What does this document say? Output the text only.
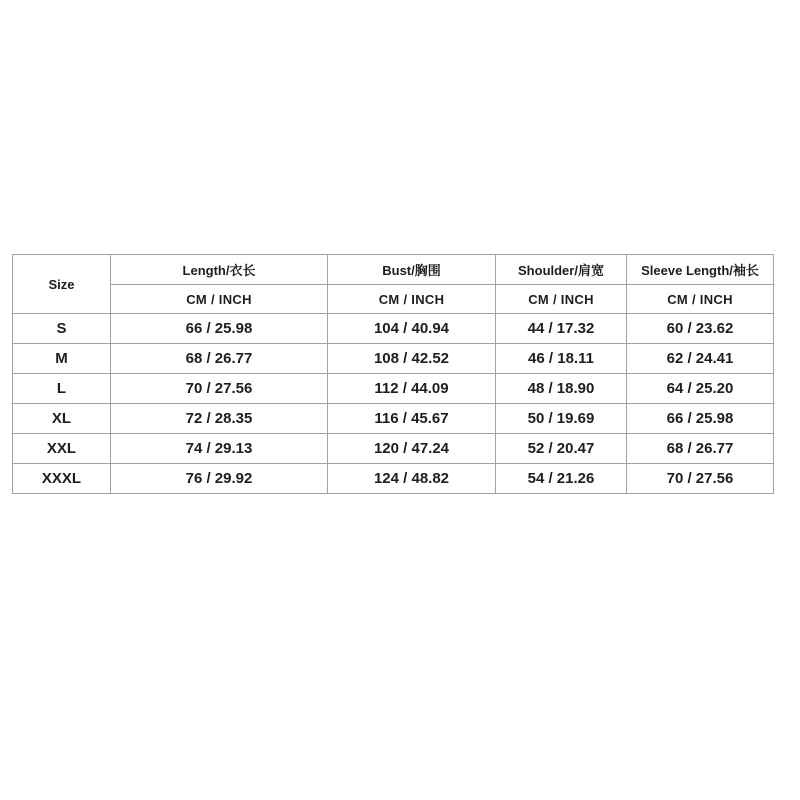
Size	Length/衣长	Bust/胸围	Shoulder/肩宽	Sleeve Length/袖长
	CM / INCH	CM / INCH	CM / INCH	CM / INCH
S	66 / 25.98	104 / 40.94	44 / 17.32	60 / 23.62
M	68 / 26.77	108 / 42.52	46 / 18.11	62 / 24.41
L	70 / 27.56	112 / 44.09	48 / 18.90	64 / 25.20
XL	72 / 28.35	116 / 45.67	50 / 19.69	66 / 25.98
XXL	74 / 29.13	120 / 47.24	52 / 20.47	68 / 26.77
XXXL	76 / 29.92	124 / 48.82	54 / 21.26	70 / 27.56
